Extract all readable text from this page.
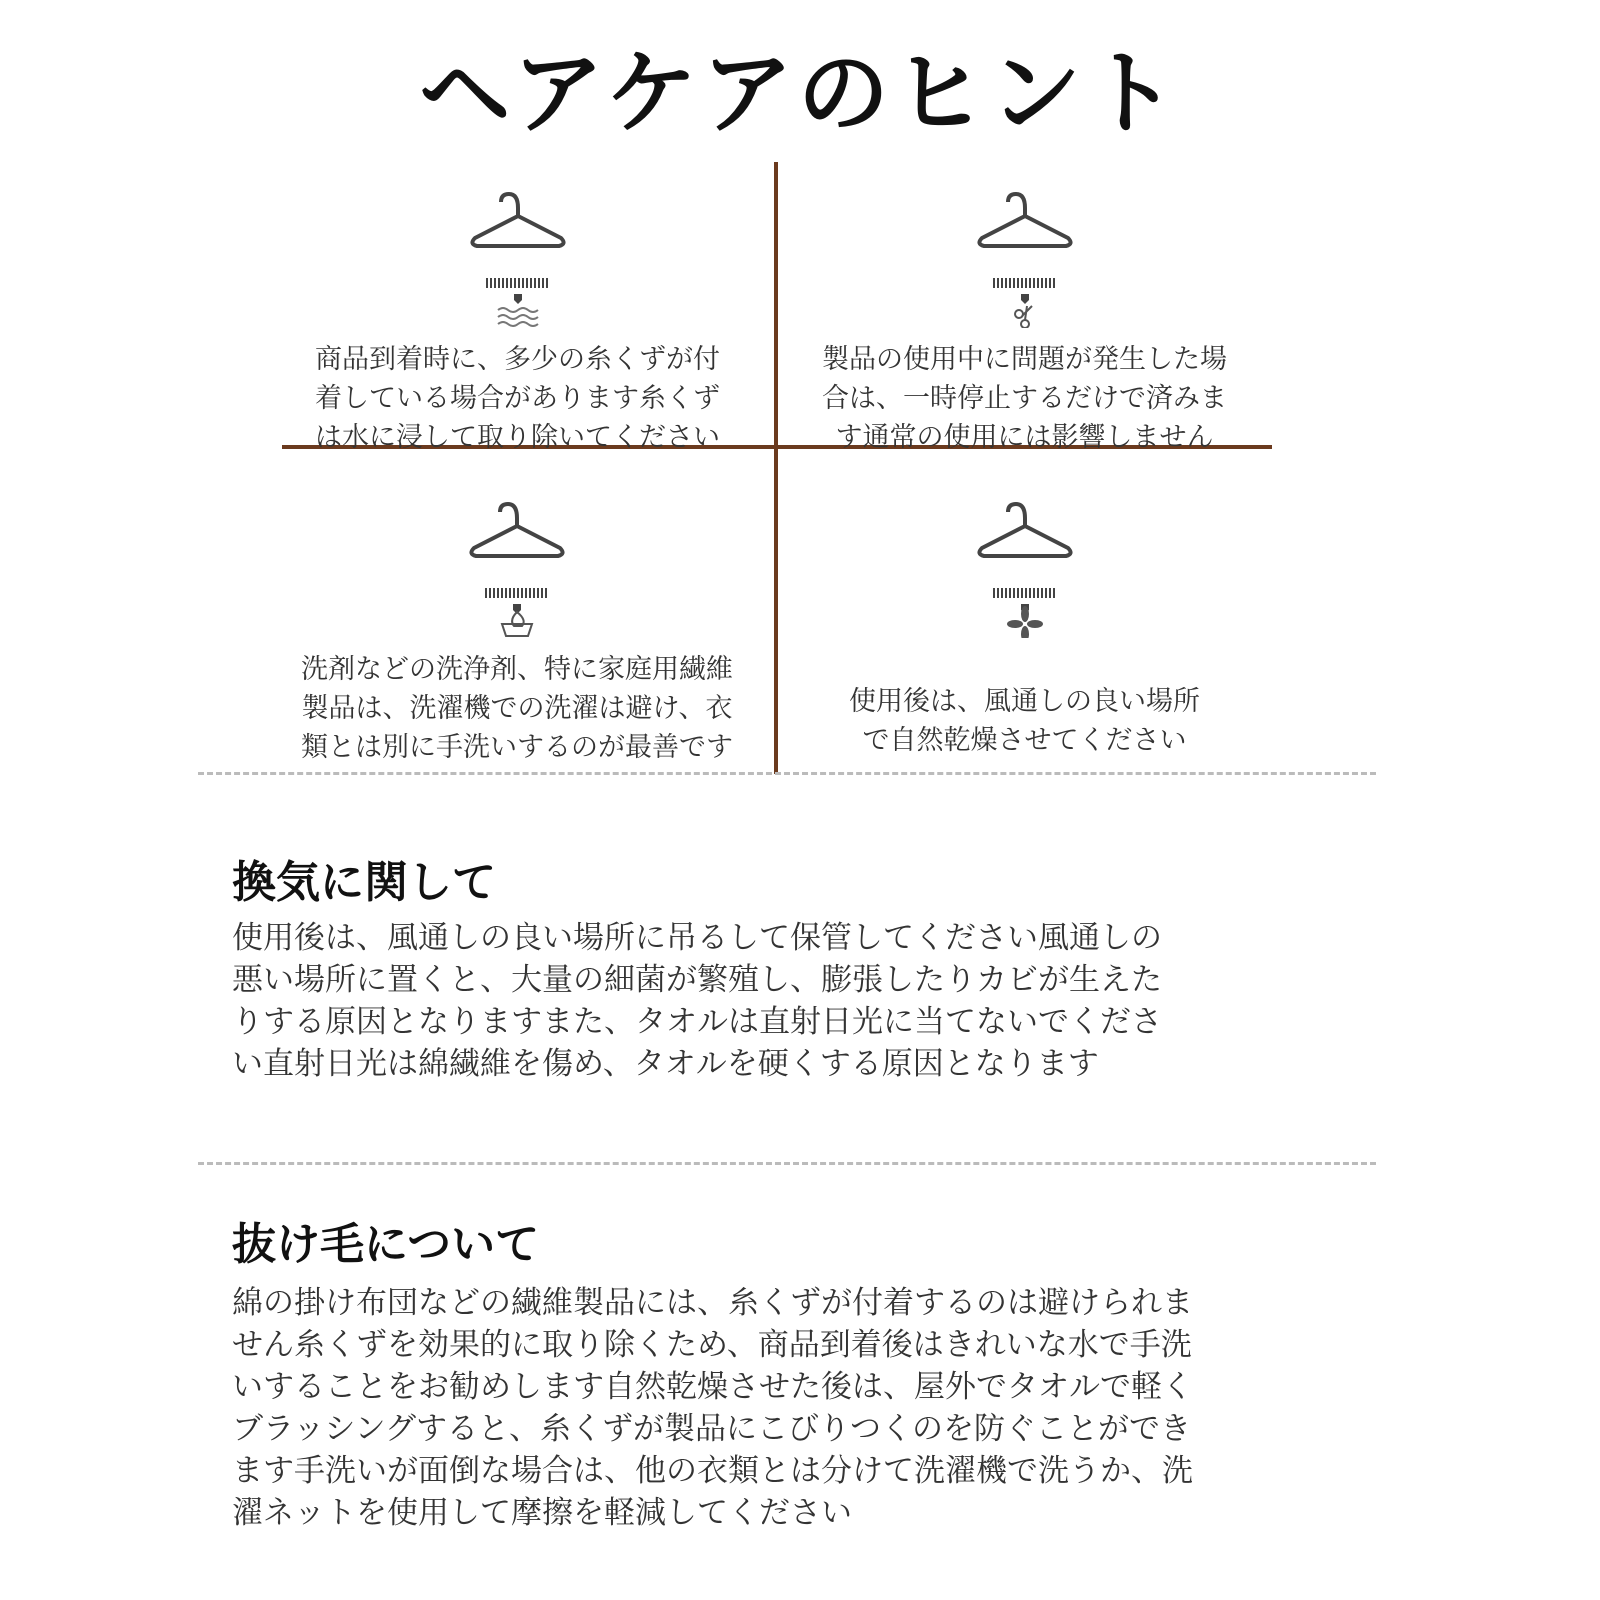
ヘアケアのヒント
商品到着時に、多少の糸くずが付
着している場合があります糸くず
は水に浸して取り除いてください
製品の使用中に問題が発生した場
合は、一時停止するだけで済みま
す通常の使用には影響しません
洗剤などの洗浄剤、特に家庭用繊維
製品は、洗濯機での洗濯は避け、衣
類とは別に手洗いするのが最善です
使用後は、風通しの良い場所
で自然乾燥させてください
換気に関して
使用後は、風通しの良い場所に吊るして保管してください風通しの
悪い場所に置くと、大量の細菌が繁殖し、膨張したりカビが生えた
りする原因となりますまた、タオルは直射日光に当てないでくださ
い直射日光は綿繊維を傷め、タオルを硬くする原因となります
抜け毛について
綿の掛け布団などの繊維製品には、糸くずが付着するのは避けられま
せん糸くずを効果的に取り除くため、商品到着後はきれいな水で手洗
いすることをお勧めします自然乾燥させた後は、屋外でタオルで軽く
ブラッシングすると、糸くずが製品にこびりつくのを防ぐことができ
ます手洗いが面倒な場合は、他の衣類とは分けて洗濯機で洗うか、洗
濯ネットを使用して摩擦を軽減してください
